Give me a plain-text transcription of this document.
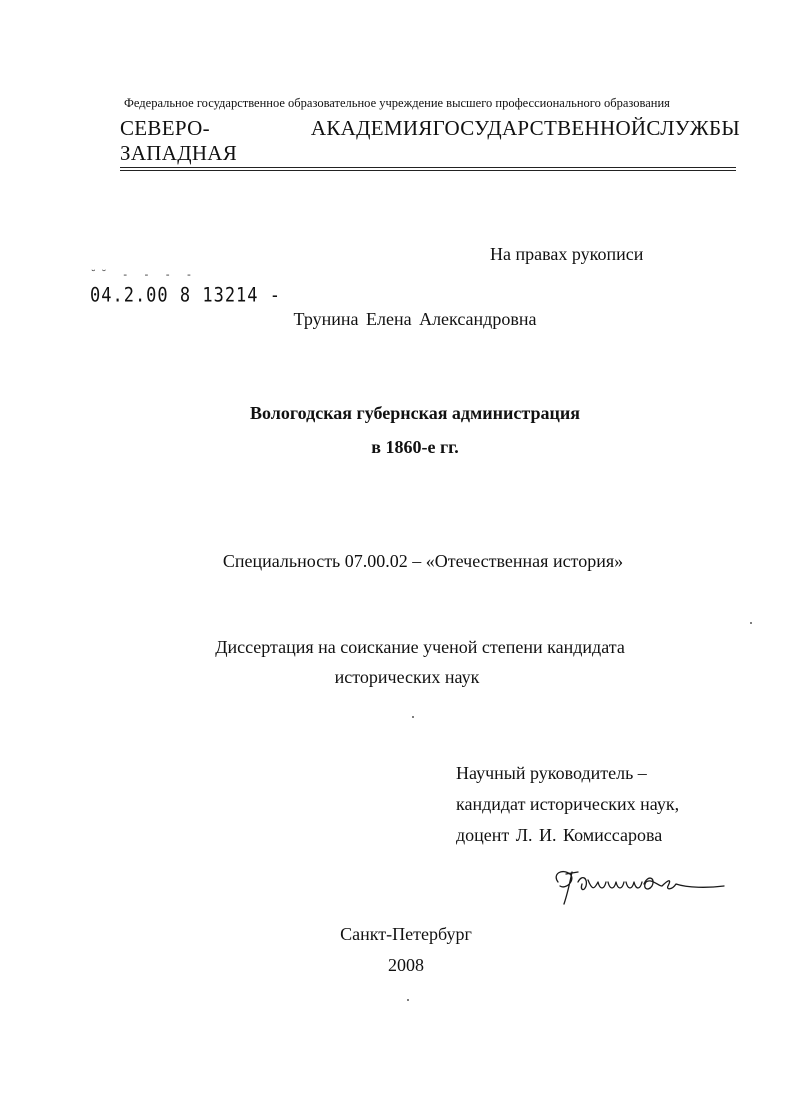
Федеральное государственное образовательное учреждение высшего профессионального образования
СЕВЕРО-ЗАПАДНАЯ
АКАДЕМИЯ ГОСУДАРСТВЕННОЙ СЛУЖБЫ
На правах рукописи
˘˘ - - - -
04.2.00 8 13214 -
Трунина Елена Александровна
Вологодская губернская администрация
в 1860-е гг.
Специальность 07.00.02 – «Отечественная история»
Диссертация на соискание ученой степени кандидата
исторических наук
Научный руководитель –
кандидат исторических наук,
доцент Л. И. Комиссарова
Санкт-Петербург
2008
